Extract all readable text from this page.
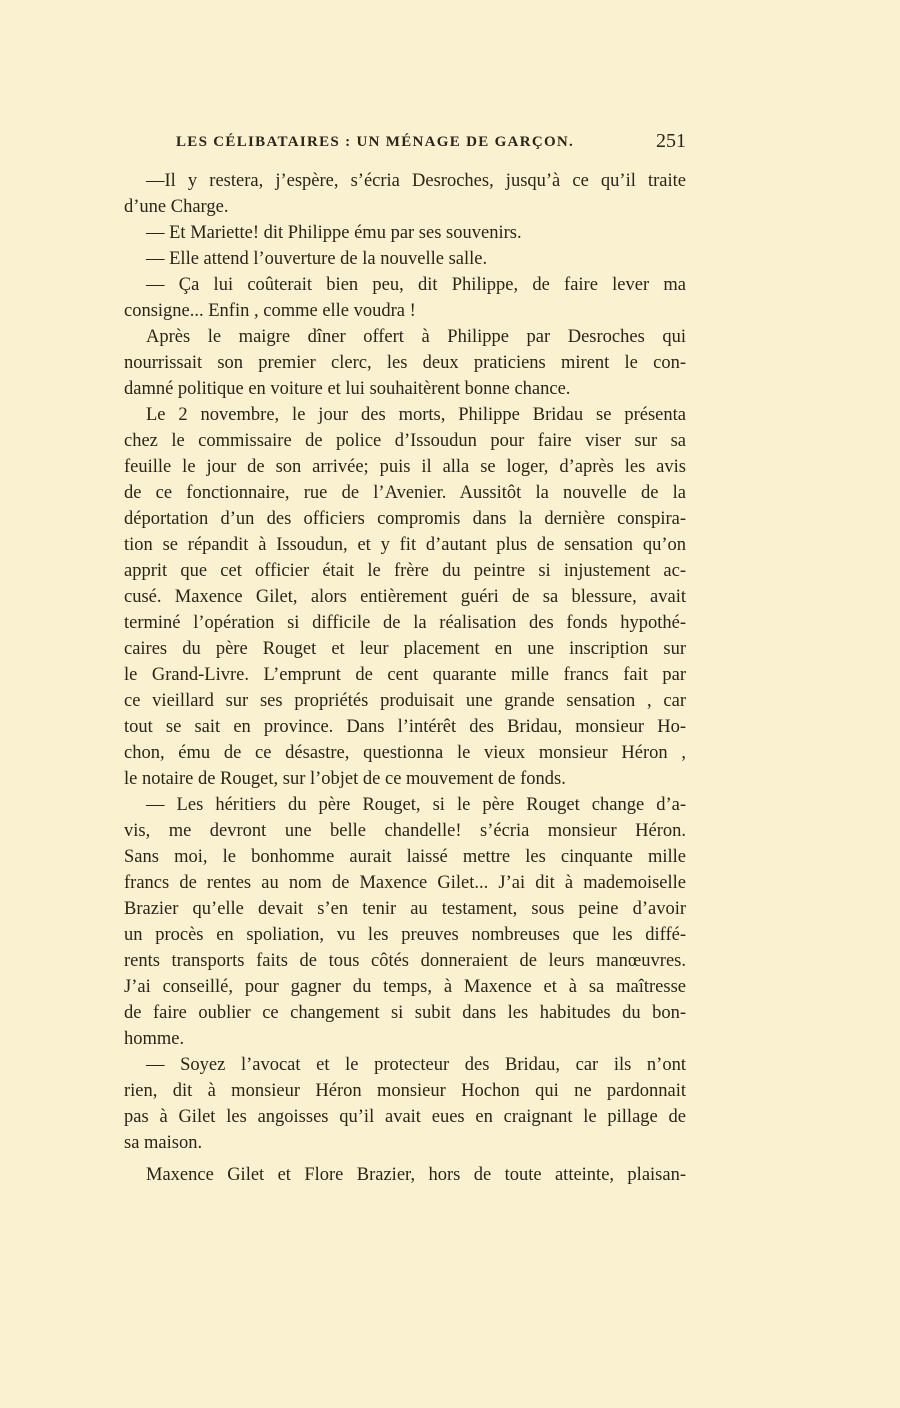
LES CÉLIBATAIRES : UN MÉNAGE DE GARÇON.	251
—Il y restera, j’espère, s’écria Desroches, jusqu’à ce qu’il traite
d’une Charge.
— Et Mariette! dit Philippe ému par ses souvenirs.
— Elle attend l’ouverture de la nouvelle salle.
— Ça lui coûterait bien peu, dit Philippe, de faire lever ma
consigne... Enfin , comme elle voudra !
Après le maigre dîner offert à Philippe par Desroches qui
nourrissait son premier clerc, les deux praticiens mirent le con-
damné politique en voiture et lui souhaitèrent bonne chance.
Le 2 novembre, le jour des morts, Philippe Bridau se présenta
chez le commissaire de police d’Issoudun pour faire viser sur sa
feuille le jour de son arrivée; puis il alla se loger, d’après les avis
de ce fonctionnaire, rue de l’Avenier. Aussitôt la nouvelle de la
déportation d’un des officiers compromis dans la dernière conspira-
tion se répandit à Issoudun, et y fit d’autant plus de sensation qu’on
apprit que cet officier était le frère du peintre si injustement ac-
cusé. Maxence Gilet, alors entièrement guéri de sa blessure, avait
terminé l’opération si difficile de la réalisation des fonds hypothé-
caires du père Rouget et leur placement en une inscription sur
le Grand-Livre. L’emprunt de cent quarante mille francs fait par
ce vieillard sur ses propriétés produisait une grande sensation , car
tout se sait en province. Dans l’intérêt des Bridau, monsieur Ho-
chon, ému de ce désastre, questionna le vieux monsieur Héron ,
le notaire de Rouget, sur l’objet de ce mouvement de fonds.
— Les héritiers du père Rouget, si le père Rouget change d’a-
vis, me devront une belle chandelle! s’écria monsieur Héron.
Sans moi, le bonhomme aurait laissé mettre les cinquante mille
francs de rentes au nom de Maxence Gilet... J’ai dit à mademoiselle
Brazier qu’elle devait s’en tenir au testament, sous peine d’avoir
un procès en spoliation, vu les preuves nombreuses que les diffé-
rents transports faits de tous côtés donneraient de leurs manœuvres.
J’ai conseillé, pour gagner du temps, à Maxence et à sa maîtresse
de faire oublier ce changement si subit dans les habitudes du bon-
homme.
— Soyez l’avocat et le protecteur des Bridau, car ils n’ont
rien, dit à monsieur Héron monsieur Hochon qui ne pardonnait
pas à Gilet les angoisses qu’il avait eues en craignant le pillage de
sa maison.
Maxence Gilet et Flore Brazier, hors de toute atteinte, plaisan-
